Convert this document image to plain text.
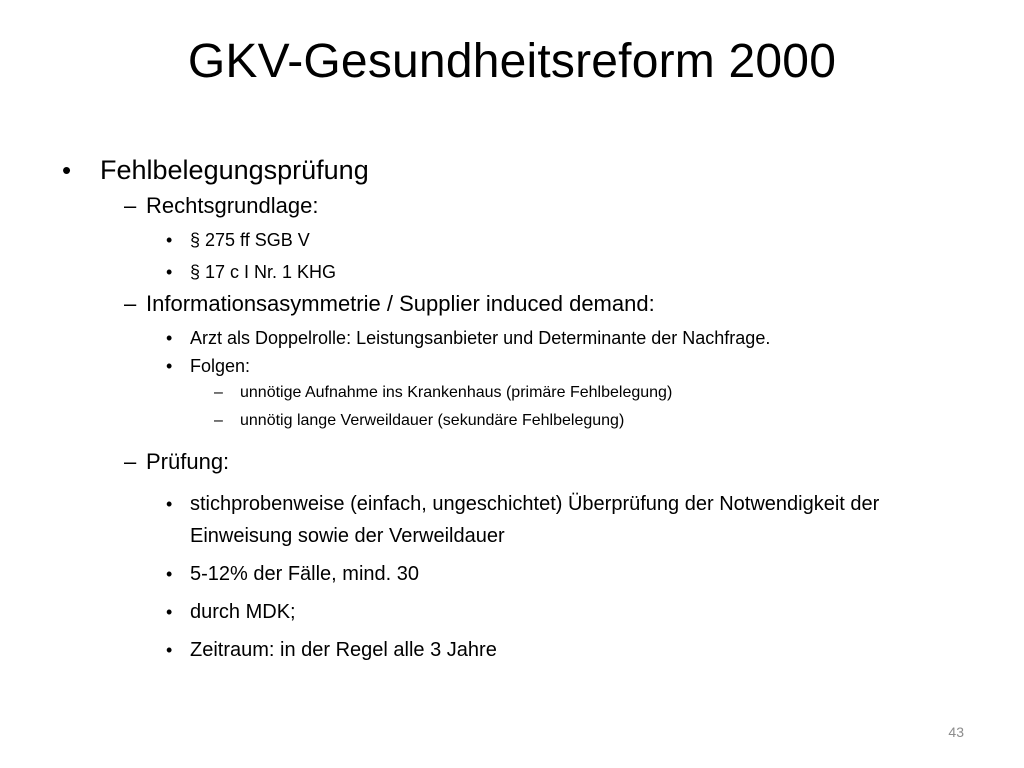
GKV-Gesundheitsreform 2000
• Fehlbelegungsprüfung
– Rechtsgrundlage:
• § 275 ff SGB V
• § 17 c I Nr. 1 KHG
– Informationsasymmetrie / Supplier induced demand:
• Arzt als Doppelrolle: Leistungsanbieter und Determinante der Nachfrage.
• Folgen:
– unnötige Aufnahme ins Krankenhaus (primäre Fehlbelegung)
– unnötig lange Verweildauer (sekundäre Fehlbelegung)
– Prüfung:
• stichprobenweise (einfach, ungeschichtet) Überprüfung der Notwendigkeit der Einweisung sowie der Verweildauer
• 5-12% der Fälle, mind. 30
• durch MDK;
• Zeitraum: in der Regel alle 3 Jahre
43
